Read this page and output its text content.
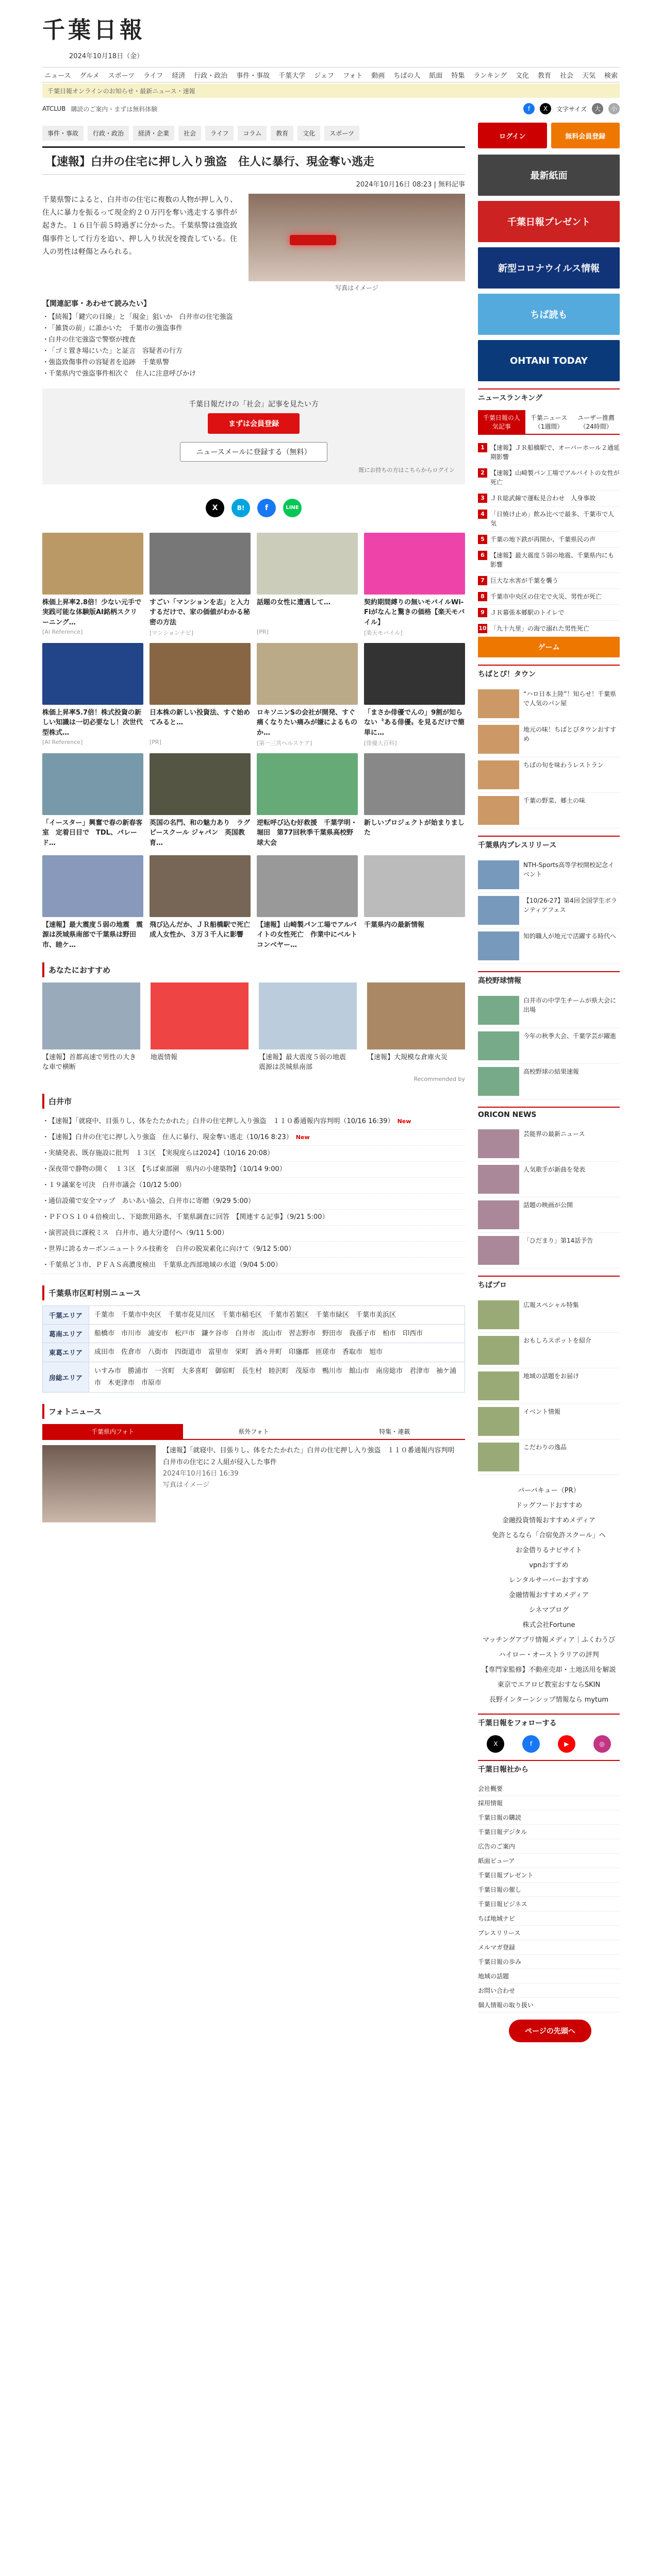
千葉日報
2024年10月18日（金）
ニュース グルメ スポーツ ライフ 経済 行政・政治 事件・事故 千葉大学 ジェフ フォト 動画 ちばの人 紙面 特集 ランキング 文化 教育 社会 天気 検索
千葉日報オンラインのお知らせ・最新ニュース・速報
ATCLUB 購読のご案内・まずは無料体験	f	X	文字サイズ	大	小
事件・事故	行政・政治	経済・企業	社会	ライフ	コラム	教育	文化	スポーツ
【速報】白井の住宅に押し入り強盗　住人に暴行、現金奪い逃走
2024年10月16日 08:23 | 無料記事

千葉県警によると、白井市の住宅に複数の人物が押し入り、住人に暴力を振るって現金約２０万円を奪い逃走する事件が起きた。１６日午前５時過ぎに分かった。千葉県警は強盗致傷事件として行方を追い、押し入り状況を捜査している。住人の男性は軽傷とみられる。

写真はイメージ
【関連記事・あわせて読みたい】
・ 【続報】「鍵穴の目線」と「現金」狙いか　白井市の住宅強盗
・ 「雑貨の前」に誰かいた　千葉市の強盗事件
・ 白井の住宅強盗で警察が捜査
・ 「ゴミ置き場にいた」と証言　容疑者の行方
・ 強盗致傷事件の容疑者を追跡　千葉県警
・ 千葉県内で強盗事件相次ぐ　住人に注意呼びかけ
千葉日報だけの「社会」記事を見たい方
まずは会員登録
ニュースメールに登録する（無料）
既にお持ちの方はこちらからログイン
X	B!	f	LINE
株価上昇率2.8倍！少ない元手で実践可能な体験版AI銘柄スクリーニング…
[AI Reference]
すごい「マンションを志」と入力するだけで、家の価値がわかる秘密の方法
[マンションナビ]
話題の女性に遭遇して…
[PR]
契約期間縛りの無いモバイルWi-Fiがなんと驚きの価格【楽天モバイル】
[楽天モバイル]
株価上昇率5.7倍！株式投資の新しい知識は一切必要なし！次世代型株式…
[AI Reference]
日本株の新しい投資法、すぐ始めてみると…
[PR]
ロキソニンSの会社が開発、すぐ痛くなりたい痛みが嫌によるものか…
[第一三共ヘルスケア]
「まさか俳優でんの」9割が知らない〝ある俳優〟を見るだけで簡単に…
[俳優大百科]
「イースター」興奮で春の新春客室　定着日目で　TDL、パレード…
英国の名門、和の魅力あり　ラグビースクール ジャパン　英国教育…
逆転呼び込む好救援　千葉学明・堀田　第77回秋季千葉県高校野球大会
新しいプロジェクトが始まりました
【速報】最大震度５弱の地震　震源は茨城県南部で千葉県は野田市、睦ケ…
飛び込んだか、ＪＲ船橋駅で死亡　成人女性か、３万３千人に影響
【速報】山崎製パン工場でアルバイトの女性死亡　作業中にベルトコンベヤー…
千葉県内の最新情報
あなたにおすすめ
【速報】首都高速で男性の大きな車で横断
地震情報	【速報】最大震度５弱の地震　震源は茨城県南部
【速報】大規模な倉庫火災
Recommended by
白井市
・ 【速報】「就寝中、目張りし、体をたたかれた」白井の住宅押し入り強盗　１１０番通報内容判明（10/16 16:39） New
・ 【速報】白井の住宅に押し入り強盗　住人に暴行、現金奪い逃走（10/16 8:23） New
・ 実績発表、既存施設に批判　１３区　【実現度らは2024】（10/16 20:08）
・ 深夜帯で静物の開く　１３区　【ちば東部園　県内の小建築物】（10/14 9:00）
・ １９議案を可決　白井市議会（10/12 5:00）
・ 通信設備で安全マップ　あいあい協会、白井市に寄贈（9/29 5:00）
・ ＰＦＯＳ１０４倍検出し、下総飲用路水、千葉県調査に回答　【関連する記事】（9/21 5:00）
・ 演習読員に課税ミス　白井市、過大分還付へ（9/11 5:00）
・ 世界に誇るカーボンニュートラル技術を　白井の脱炭素化に向けて（9/12 5:00）
・ 千葉県ど３市、ＰＦＡＳ高濃度検出　千葉県北西部地域の水道（9/04 5:00）
千葉県市区町村別ニュース
千葉エリア	千葉市　千葉市中央区　千葉市花見川区　千葉市稲毛区　千葉市若葉区　千葉市緑区　千葉市美浜区
葛南エリア	船橋市　市川市　浦安市　松戸市　鎌ケ谷市　白井市　流山市　習志野市　野田市　我孫子市　柏市　印西市
東葛エリア	成田市　佐倉市　八街市　四街道市　富里市　栄町　酒々井町　印旛郡　匝瑳市　香取市　旭市
房総エリア	いすみ市　勝浦市　一宮町　大多喜町　御宿町　長生村　睦沢町　茂原市　鴨川市　館山市　南房総市　君津市　袖ケ浦市　木更津市　市原市
フォトニュース
千葉県内フォト	県外フォト	特集・連載
【速報】「就寝中、目張りし、体をたたかれた」白井の住宅押し入り強盗　１１０番通報内容判明　白井市の住宅に２人組が侵入した事件
2024年10月16日 16:39
写真はイメージ
ログイン	無料会員登録
最新紙面
千葉日報プレゼント
新型コロナウイルス情報
ちば読も
OHTANI TODAY
ニュースランキング
千葉日報の人気記事
千葉ニュース（1週間）
ユーザー推薦（24時間）
1 【速報】ＪＲ船橋駅で、オーバーホール２通延期影響
2 【速報】山崎製パン工場でアルバイトの女性が死亡
3 ＪＲ総武線で運転見合わせ　人身事故
4 「日焼け止め」飲み比べで最多、千葉市で人気
5 千葉の地下鉄が再開か、千葉県民の声
6 【速報】最大震度５弱の地震、千葉県内にも影響
7 巨大な水害が千葉を襲う
8 千葉市中央区の住宅で火災、男性が死亡
9 ＪＲ幕張本郷駅のトイレで
10 「九十九里」の海で溺れた男性死亡
ゲーム
ちばとぴ！タウン
“ハロ日本上陸”！知らせ！千葉県で人気のパン屋
地元の味！ちばとぴタウンおすすめ
ちばの旬を味わうレストラン
千葉の野菜、郷土の味
千葉県内プレスリリース
NTH-Sports高等学校開校記念イベント
【10/26-27】第4回全国学生ボランティアフェス
知的職人が地元で活躍する時代へ
高校野球情報
白井市の中学生チームが県大会に出場
今年の秋季大会、千葉学芸が躍進
高校野球の結果速報
ORICON NEWS
芸能界の最新ニュース
人気歌手が新曲を発表
話題の映画が公開
「ひだまり」第14話予告
ちばプロ
広報スペシャル特集
おもしろスポットを紹介
地域の話題をお届け
イベント情報
こだわりの逸品
バーバキュー（PR）
ドッグフードおすすめ
金融投資情報おすすめメディア
免許とるなら「合宿免許スクール」へ
お金借りるナビサイト
vpnおすすめ
レンタルサーバーおすすめ
金融情報おすすめメディア
シネマブログ
株式会社Fortune
マッチングアプリ情報メディア｜ふくわうび
ハイロー・オーストラリアの評判
【専門家監修】不動産売却・土地活用を解説
東京でエアロビ教室おすならSKIN
長野インターンシップ情報なら mytum
千葉日報をフォローする
X	f	▶	◎
千葉日報社から
会社概要
採用情報
千葉日報の購読
千葉日報デジタル
広告のご案内
紙面ビューア
千葉日報プレゼント
千葉日報の催し
千葉日報ビジネス
ちば地域ナビ
プレスリリース
メルマガ登録
千葉日報の歩み
地域の話題
お問い合わせ
個人情報の取り扱い
ページの先頭へ
